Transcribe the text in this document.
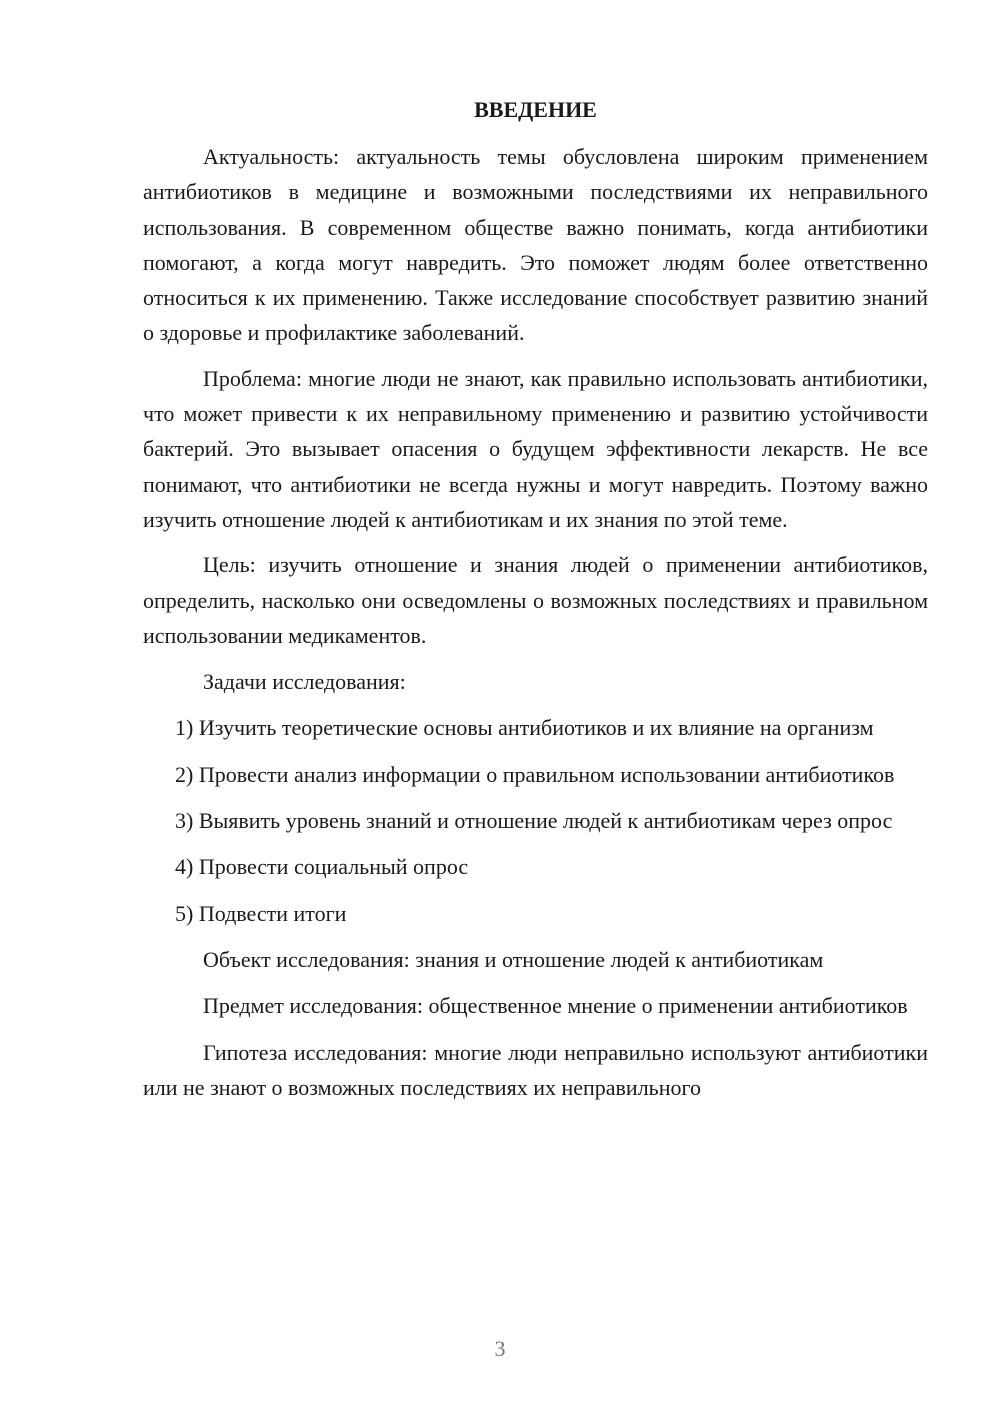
ВВЕДЕНИЕ

Актуальность: актуальность темы обусловлена широким применением антибиотиков в медицине и возможными последствиями их неправильного использования. В современном обществе важно понимать, когда антибиотики помогают, а когда могут навредить. Это поможет людям более ответственно относиться к их применению. Также исследование способствует развитию знаний о здоровье и профилактике заболеваний.

Проблема: многие люди не знают, как правильно использовать антибиотики, что может привести к их неправильному применению и развитию устойчивости бактерий. Это вызывает опасения о будущем эффективности лекарств. Не все понимают, что антибиотики не всегда нужны и могут навредить. Поэтому важно изучить отношение людей к антибиотикам и их знания по этой теме.

Цель: изучить отношение и знания людей о применении антибиотиков, определить, насколько они осведомлены о возможных последствиях и правильном использовании медикаментов.

Задачи исследования:

1) Изучить теоретические основы антибиотиков и их влияние на организм

2) Провести анализ информации о правильном использовании антибиотиков

3) Выявить уровень знаний и отношение людей к антибиотикам через опрос

4) Провести социальный опрос

5) Подвести итоги

Объект исследования: знания и отношение людей к антибиотикам

Предмет исследования: общественное мнение о применении антибиотиков

Гипотеза исследования: многие люди неправильно используют антибиотики или не знают о возможных последствиях их неправильного

3
